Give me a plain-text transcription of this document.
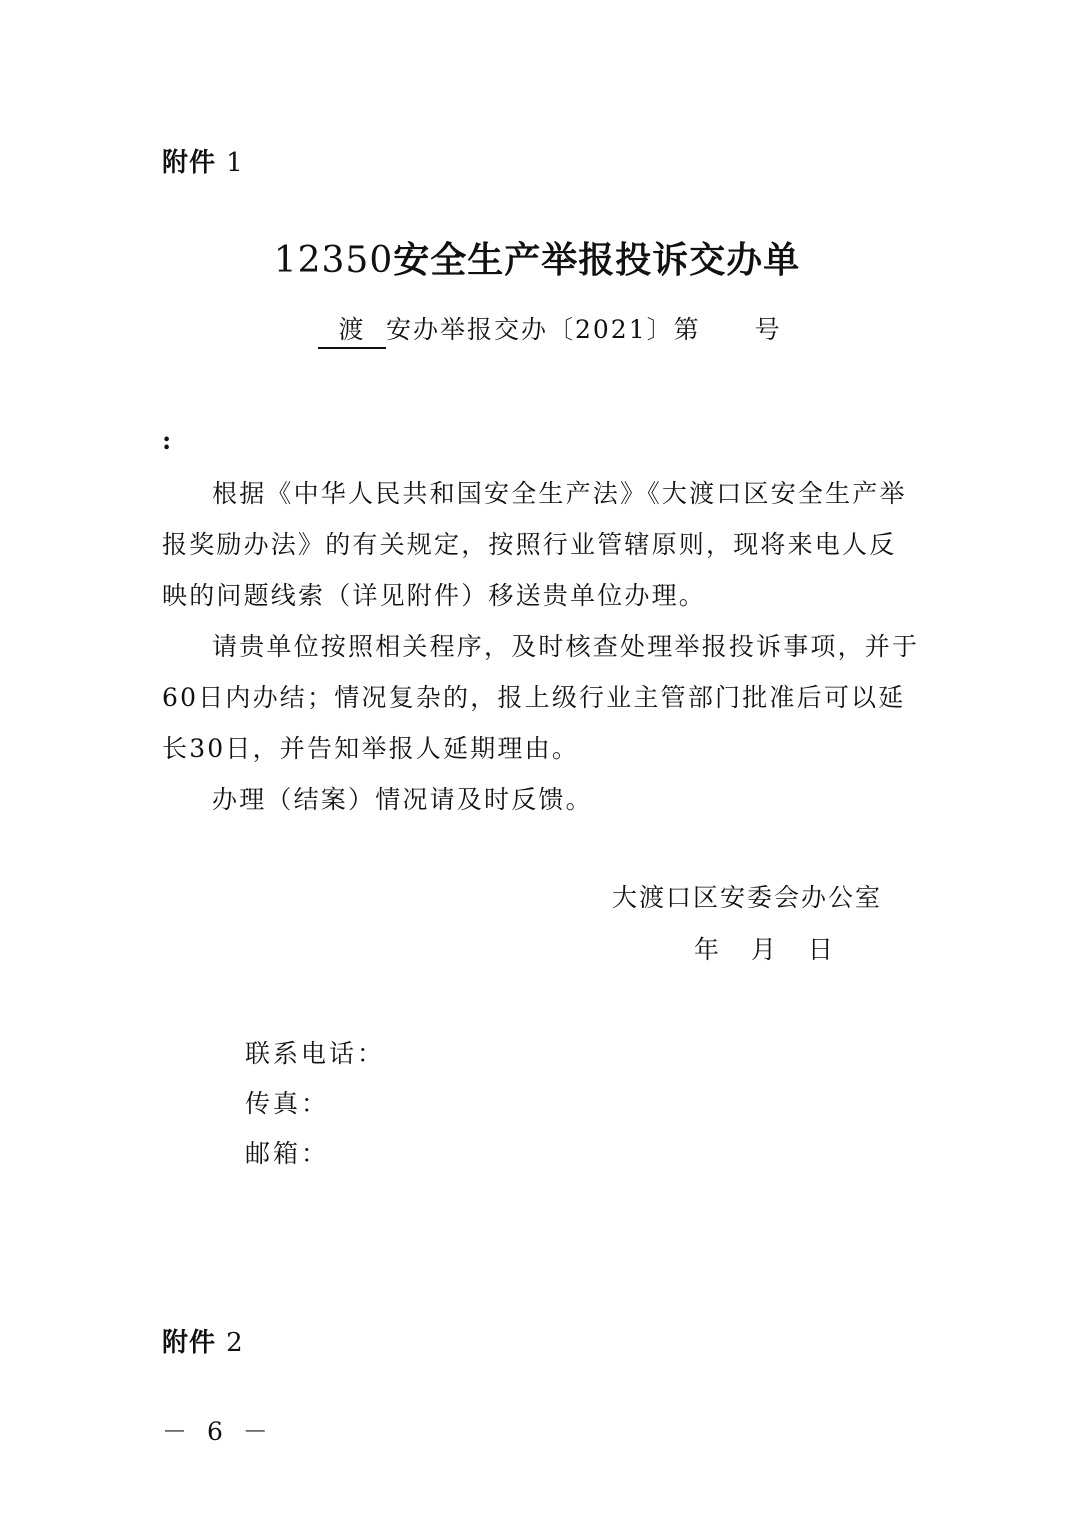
附件 1
12350安全生产举报投诉交办单
渡 安办举报交办〔2021〕第　　号
:

根据《中华人民共和国安全生产法》《大渡口区安全生产举报奖励办法》的有关规定，按照行业管辖原则，现将来电人反映的问题线索（详见附件）移送贵单位办理。

请贵单位按照相关程序，及时核查处理举报投诉事项，并于60日内办结；情况复杂的，报上级行业主管部门批准后可以延长30日，并告知举报人延期理由。

办理（结案）情况请及时反馈。

大渡口区安委会办公室
年 月 日
联系电话：
传真：
邮箱：
附件 2
－ 6 －
